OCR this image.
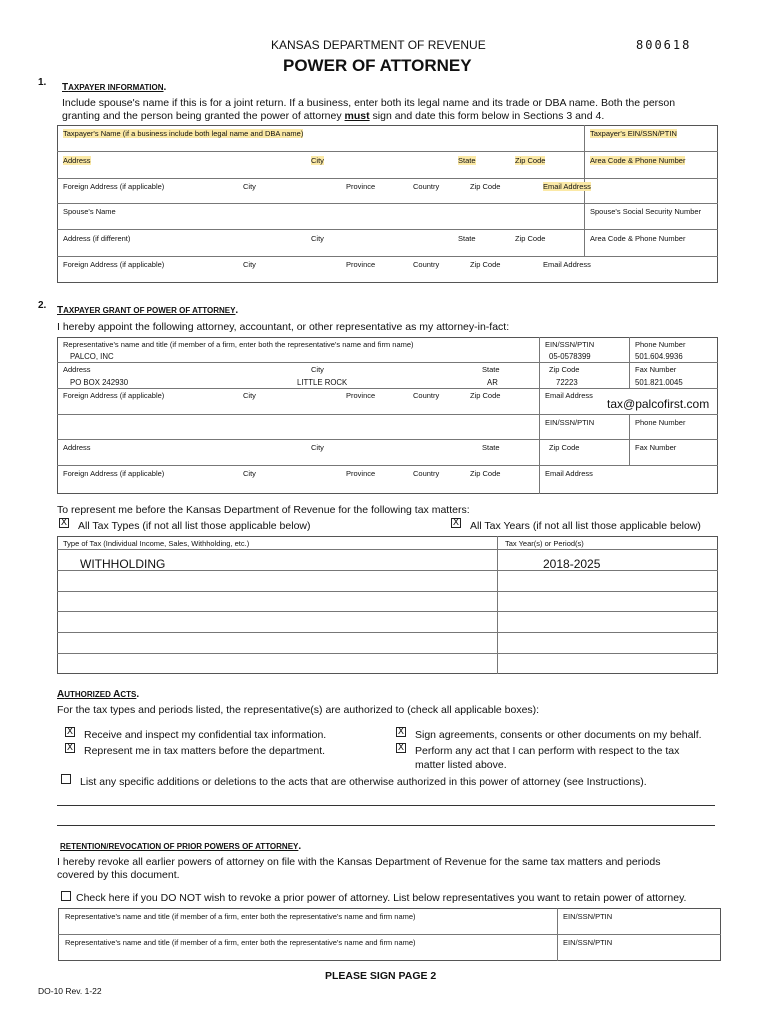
KANSAS DEPARTMENT OF REVENUE	800618
POWER OF ATTORNEY
1. TAXPAYER INFORMATION.
Include spouse's name if this is for a joint return. If a business, enter both its legal name and its trade or DBA name. Both the person
granting and the person being granted the power of attorney must sign and date this form below in Sections 3 and 4.
Taxpayer's Name (if a business include both legal name and DBA name)	Taxpayer's EIN/SSN/PTIN
Address	City	State	Zip Code	Area Code & Phone Number
Foreign Address (if applicable)	City	Province	Country	Zip Code	Email Address
Spouse's Name	Spouse's Social Security Number
Address (if different)	City	State	Zip Code	Area Code & Phone Number
Foreign Address (if applicable)	City	Province	Country	Zip Code	Email Address
2. TAXPAYER GRANT OF POWER OF ATTORNEY.
I hereby appoint the following attorney, accountant, or other representative as my attorney-in-fact:
Representative's name and title (if member of a firm, enter both the representative's name and firm name)	EIN/SSN/PTIN	Phone Number
PALCO, INC	05-0578399	501.604.9936
Address	City	State	Zip Code	Fax Number
PO BOX 242930	LITTLE ROCK	AR	72223	501.821.0045
Foreign Address (if applicable)	City	Province	Country	Zip Code	Email Address
tax@palcofirst.com
EIN/SSN/PTIN	Phone Number
Address	City	State	Zip Code	Fax Number
Foreign Address (if applicable)	City	Province	Country	Zip Code	Email Address
To represent me before the Kansas Department of Revenue for the following tax matters:
X All Tax Types (if not all list those applicable below)	X All Tax Years (if not all list those applicable below)
Type of Tax (Individual Income, Sales, Withholding, etc.)	Tax Year(s) or Period(s)
WITHHOLDING	2018-2025
AUTHORIZED ACTS.
For the tax types and periods listed, the representative(s) are authorized to (check all applicable boxes):
X Receive and inspect my confidential tax information.
X Represent me in tax matters before the department.
X Sign agreements, consents or other documents on my behalf.
X Perform any act that I can perform with respect to the tax
matter listed above.
List any specific additions or deletions to the acts that are otherwise authorized in this power of attorney (see Instructions).
RETENTION/REVOCATION OF PRIOR POWERS OF ATTORNEY.
I hereby revoke all earlier powers of attorney on file with the Kansas Department of Revenue for the same tax matters and periods
covered by this document.
Check here if you DO NOT wish to revoke a prior power of attorney. List below representatives you want to retain power of attorney.
Representative's name and title (if member of a firm, enter both the representative's name and firm name)	EIN/SSN/PTIN
Representative's name and title (if member of a firm, enter both the representative's name and firm name)	EIN/SSN/PTIN
PLEASE SIGN PAGE 2
DO-10 Rev. 1-22
